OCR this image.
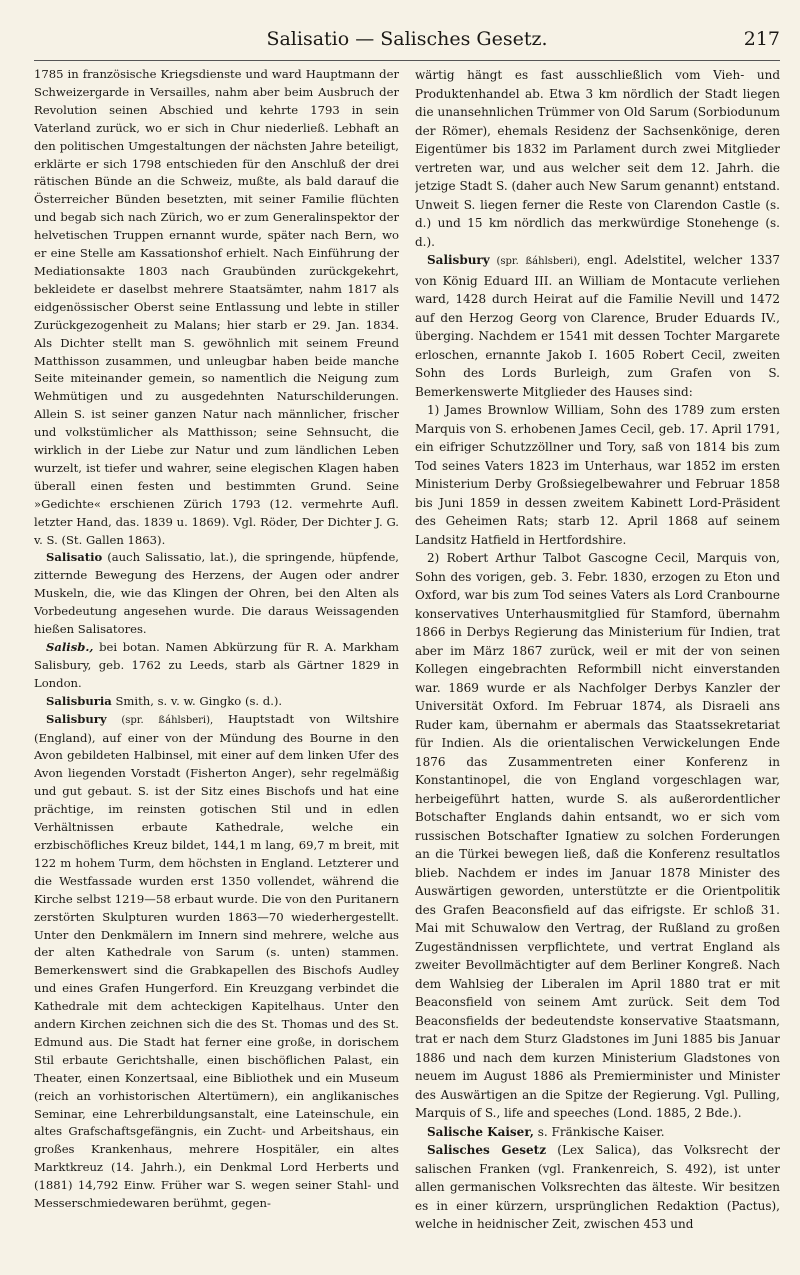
Salisatio — Salisches Gesetz.	217

1785 in französische Kriegsdienste und ward Hauptmann der Schweizergarde in Versailles, nahm aber beim Ausbruch der Revolution seinen Abschied und kehrte 1793 in sein Vaterland zurück, wo er sich in Chur niederließ. Lebhaft an den politischen Umgestaltungen der nächsten Jahre beteiligt, erklärte er sich 1798 entschieden für den Anschluß der drei rätischen Bünde an die Schweiz, mußte, als bald darauf die Österreicher Bünden besetzten, mit seiner Familie flüchten und begab sich nach Zürich, wo er zum Generalinspektor der helvetischen Truppen ernannt wurde, später nach Bern, wo er eine Stelle am Kassationshof erhielt. Nach Einführung der Mediationsakte 1803 nach Graubünden zurückgekehrt, bekleidete er daselbst mehrere Staatsämter, nahm 1817 als eidgenössischer Oberst seine Entlassung und lebte in stiller Zurückgezogenheit zu Malans; hier starb er 29. Jan. 1834. Als Dichter stellt man S. gewöhnlich mit seinem Freund Matthisson zusammen, und unleugbar haben beide manche Seite miteinander gemein, so namentlich die Neigung zum Wehmütigen und zu ausgedehnten Naturschilderungen. Allein S. ist seiner ganzen Natur nach männlicher, frischer und volkstümlicher als Matthisson; seine Sehnsucht, die wirklich in der Liebe zur Natur und zum ländlichen Leben wurzelt, ist tiefer und wahrer, seine elegischen Klagen haben überall einen festen und bestimmten Grund. Seine »Gedichte« erschienen Zürich 1793 (12. vermehrte Aufl. letzter Hand, das. 1839 u. 1869). Vgl. Röder, Der Dichter J. G. v. S. (St. Gallen 1863).

Salisatio (auch Salissatio, lat.), die springende, hüpfende, zitternde Bewegung des Herzens, der Augen oder andrer Muskeln, die, wie das Klingen der Ohren, bei den Alten als Vorbedeutung angesehen wurde. Die daraus Weissagenden hießen Salisatores.

Salisb., bei botan. Namen Abkürzung für R. A. Markham Salisbury, geb. 1762 zu Leeds, starb als Gärtner 1829 in London.

Salisburia Smith, s. v. w. Gingko (s. d.).

Salisbury (spr. ßáhlsberi), Hauptstadt von Wiltshire (England), auf einer von der Mündung des Bourne in den Avon gebildeten Halbinsel, mit einer auf dem linken Ufer des Avon liegenden Vorstadt (Fisherton Anger), sehr regelmäßig und gut gebaut. S. ist der Sitz eines Bischofs und hat eine prächtige, im reinsten gotischen Stil und in edlen Verhältnissen erbaute Kathedrale, welche ein erzbischöfliches Kreuz bildet, 144,1 m lang, 69,7 m breit, mit 122 m hohem Turm, dem höchsten in England. Letzterer und die Westfassade wurden erst 1350 vollendet, während die Kirche selbst 1219—58 erbaut wurde. Die von den Puritanern zerstörten Skulpturen wurden 1863—70 wiederhergestellt. Unter den Denkmälern im Innern sind mehrere, welche aus der alten Kathedrale von Sarum (s. unten) stammen. Bemerkenswert sind die Grabkapellen des Bischofs Audley und eines Grafen Hungerford. Ein Kreuzgang verbindet die Kathedrale mit dem achteckigen Kapitelhaus. Unter den andern Kirchen zeichnen sich die des St. Thomas und des St. Edmund aus. Die Stadt hat ferner eine große, in dorischem Stil erbaute Gerichtshalle, einen bischöflichen Palast, ein Theater, einen Konzertsaal, eine Bibliothek und ein Museum (reich an vorhistorischen Altertümern), ein anglikanisches Seminar, eine Lehrerbildungsanstalt, eine Lateinschule, ein altes Grafschaftsgefängnis, ein Zucht- und Arbeitshaus, ein großes Krankenhaus, mehrere Hospitäler, ein altes Marktkreuz (14. Jahrh.), ein Denkmal Lord Herberts und (1881) 14,792 Einw. Früher war S. wegen seiner Stahl- und Messerschmiedewaren berühmt, gegen-

wärtig hängt es fast ausschließlich vom Vieh- und Produktenhandel ab. Etwa 3 km nördlich der Stadt liegen die unansehnlichen Trümmer von Old Sarum (Sorbiodunum der Römer), ehemals Residenz der Sachsenkönige, deren Eigentümer bis 1832 im Parlament durch zwei Mitglieder vertreten war, und aus welcher seit dem 12. Jahrh. die jetzige Stadt S. (daher auch New Sarum genannt) entstand. Unweit S. liegen ferner die Reste von Clarendon Castle (s. d.) und 15 km nördlich das merkwürdige Stonehenge (s. d.).

Salisbury (spr. ßáhlsberi), engl. Adelstitel, welcher 1337 von König Eduard III. an William de Montacute verliehen ward, 1428 durch Heirat auf die Familie Nevill und 1472 auf den Herzog Georg von Clarence, Bruder Eduards IV., überging. Nachdem er 1541 mit dessen Tochter Margarete erloschen, ernannte Jakob I. 1605 Robert Cecil, zweiten Sohn des Lords Burleigh, zum Grafen von S. Bemerkenswerte Mitglieder des Hauses sind:

1) James Brownlow William, Sohn des 1789 zum ersten Marquis von S. erhobenen James Cecil, geb. 17. April 1791, ein eifriger Schutzzöllner und Tory, saß von 1814 bis zum Tod seines Vaters 1823 im Unterhaus, war 1852 im ersten Ministerium Derby Großsiegelbewahrer und Februar 1858 bis Juni 1859 in dessen zweitem Kabinett Lord-Präsident des Geheimen Rats; starb 12. April 1868 auf seinem Landsitz Hatfield in Hertfordshire.

2) Robert Arthur Talbot Gascogne Cecil, Marquis von, Sohn des vorigen, geb. 3. Febr. 1830, erzogen zu Eton und Oxford, war bis zum Tod seines Vaters als Lord Cranbourne konservatives Unterhausmitglied für Stamford, übernahm 1866 in Derbys Regierung das Ministerium für Indien, trat aber im März 1867 zurück, weil er mit der von seinen Kollegen eingebrachten Reformbill nicht einverstanden war. 1869 wurde er als Nachfolger Derbys Kanzler der Universität Oxford. Im Februar 1874, als Disraeli ans Ruder kam, übernahm er abermals das Staatssekretariat für Indien. Als die orientalischen Verwickelungen Ende 1876 das Zusammentreten einer Konferenz in Konstantinopel, die von England vorgeschlagen war, herbeigeführt hatten, wurde S. als außerordentlicher Botschafter Englands dahin entsandt, wo er sich vom russischen Botschafter Ignatiew zu solchen Forderungen an die Türkei bewegen ließ, daß die Konferenz resultatlos blieb. Nachdem er indes im Januar 1878 Minister des Auswärtigen geworden, unterstützte er die Orientpolitik des Grafen Beaconsfield auf das eifrigste. Er schloß 31. Mai mit Schuwalow den Vertrag, der Rußland zu großen Zugeständnissen verpflichtete, und vertrat England als zweiter Bevollmächtigter auf dem Berliner Kongreß. Nach dem Wahlsieg der Liberalen im April 1880 trat er mit Beaconsfield von seinem Amt zurück. Seit dem Tod Beaconsfields der bedeutendste konservative Staatsmann, trat er nach dem Sturz Gladstones im Juni 1885 bis Januar 1886 und nach dem kurzen Ministerium Gladstones von neuem im August 1886 als Premierminister und Minister des Auswärtigen an die Spitze der Regierung. Vgl. Pulling, Marquis of S., life and speeches (Lond. 1885, 2 Bde.).

Salische Kaiser, s. Fränkische Kaiser.

Salisches Gesetz (Lex Salica), das Volksrecht der salischen Franken (vgl. Frankenreich, S. 492), ist unter allen germanischen Volksrechten das älteste. Wir besitzen es in einer kürzern, ursprünglichen Redaktion (Pactus), welche in heidnischer Zeit, zwischen 453 und
